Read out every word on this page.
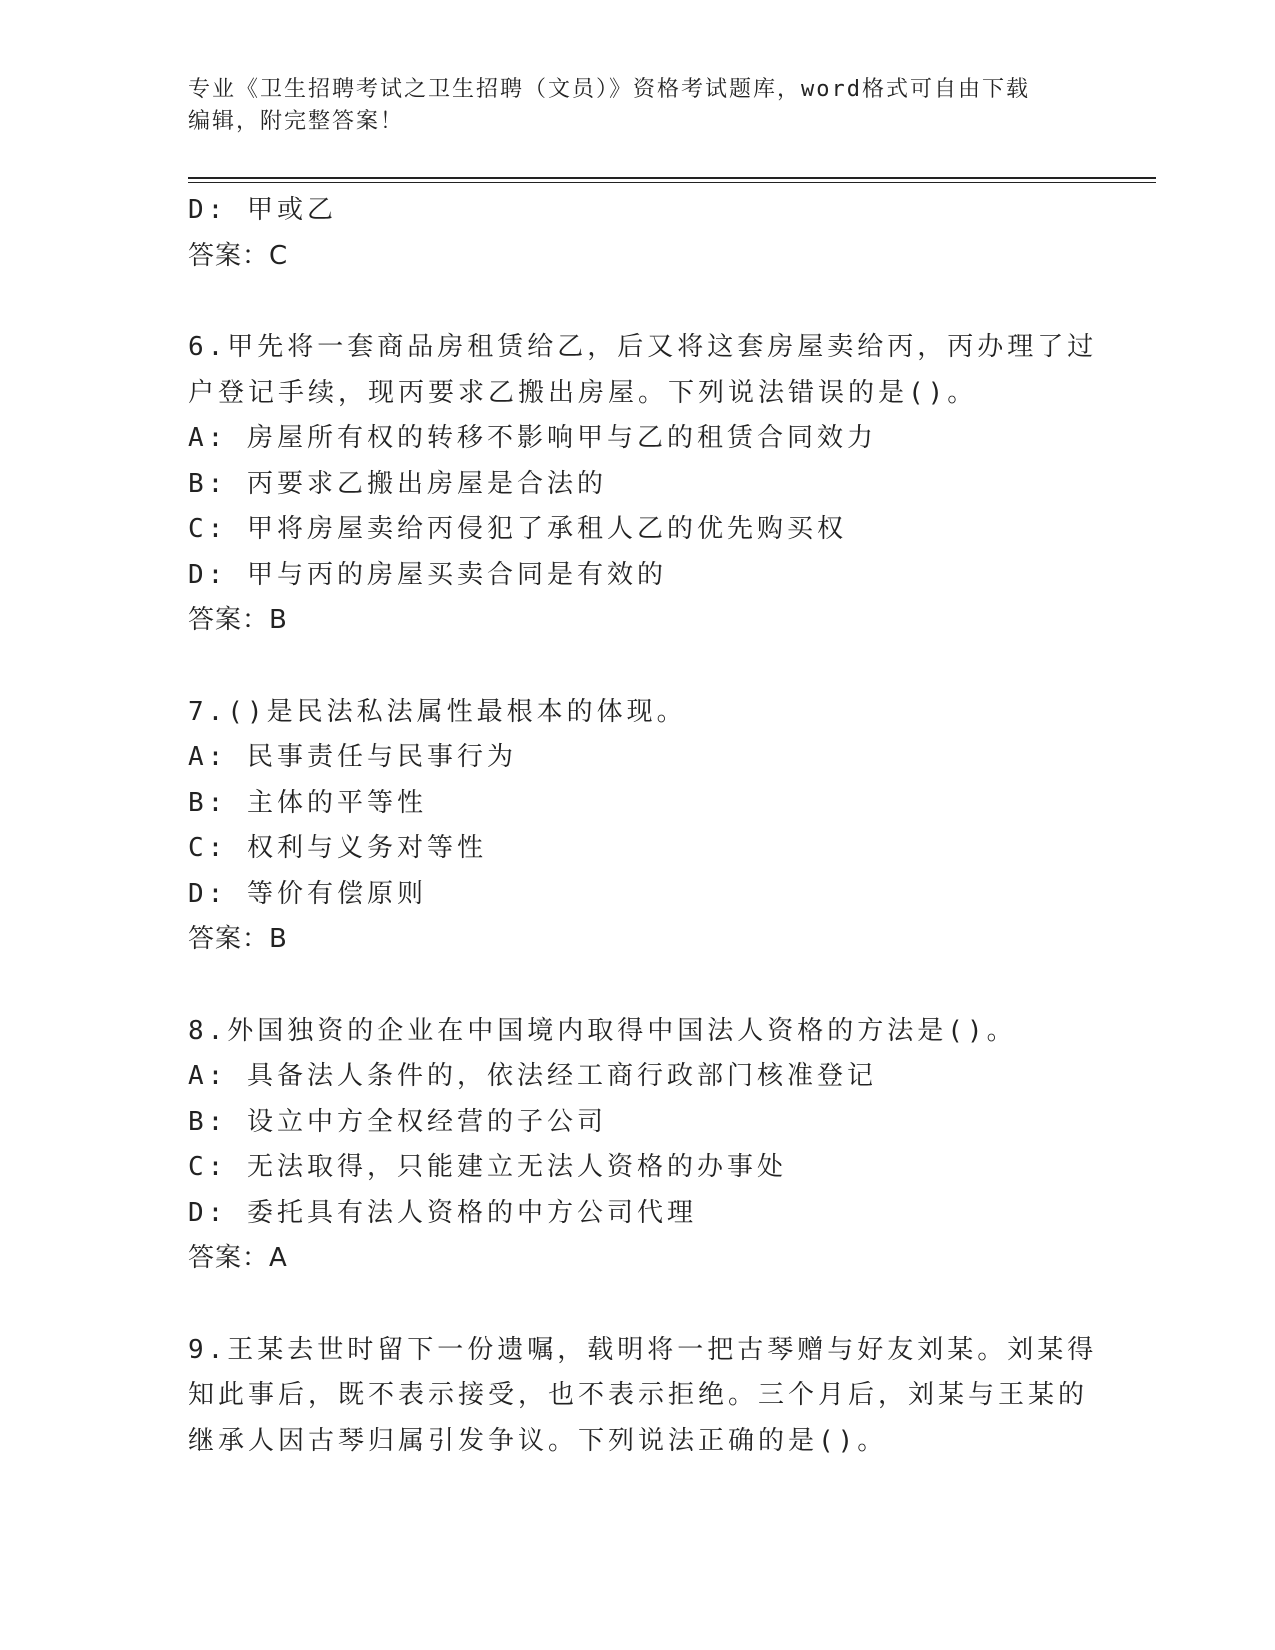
专业《卫生招聘考试之卫生招聘（文员）》资格考试题库，word格式可自由下载
编辑，附完整答案！
D: 甲或乙
答案：C
6.甲先将一套商品房租赁给乙，后又将这套房屋卖给丙，丙办理了过
户登记手续，现丙要求乙搬出房屋。下列说法错误的是()。
A: 房屋所有权的转移不影响甲与乙的租赁合同效力
B: 丙要求乙搬出房屋是合法的
C: 甲将房屋卖给丙侵犯了承租人乙的优先购买权
D: 甲与丙的房屋买卖合同是有效的
答案：B
7.()是民法私法属性最根本的体现。
A: 民事责任与民事行为
B: 主体的平等性
C: 权利与义务对等性
D: 等价有偿原则
答案：B
8.外国独资的企业在中国境内取得中国法人资格的方法是()。
A: 具备法人条件的，依法经工商行政部门核准登记
B: 设立中方全权经营的子公司
C: 无法取得，只能建立无法人资格的办事处
D: 委托具有法人资格的中方公司代理
答案：A
9.王某去世时留下一份遗嘱，载明将一把古琴赠与好友刘某。刘某得
知此事后，既不表示接受，也不表示拒绝。三个月后，刘某与王某的
继承人因古琴归属引发争议。下列说法正确的是()。
